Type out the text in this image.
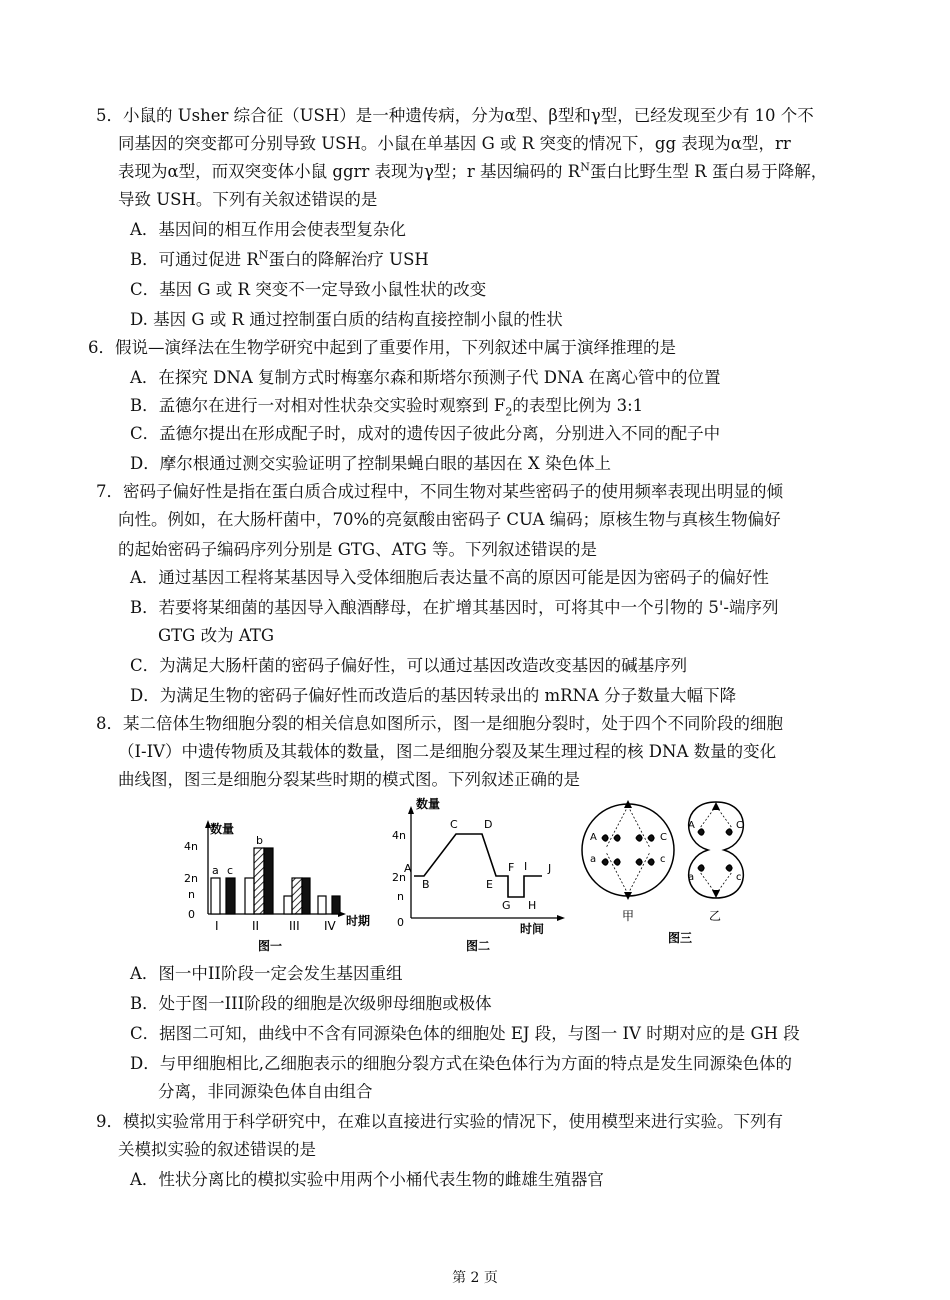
5．小鼠的 Usher 综合征（USH）是一种遗传病，分为α型、β型和γ型，已经发现至少有 10 个不
同基因的突变都可分别导致 USH。小鼠在单基因 G 或 R 突变的情况下，gg 表现为α型，rr
表现为α型，而双突变体小鼠 ggrr 表现为γ型；r 基因编码的 $R^N$蛋白比野生型 R 蛋白易于降解，
导致 USH。下列有关叙述错误的是
A．基因间的相互作用会使表型复杂化
B．可通过促进 $R^N$蛋白的降解治疗 USH
C．基因 G 或 R 突变不一定导致小鼠性状的改变
D. 基因 G 或 R 通过控制蛋白质的结构直接控制小鼠的性状
6．假说—演绎法在生物学研究中起到了重要作用，下列叙述中属于演绎推理的是
A．在探究 DNA 复制方式时梅塞尔森和斯塔尔预测子代 DNA 在离心管中的位置
B．孟德尔在进行一对相对性状杂交实验时观察到 $F_2$的表型比例为 3:1
C．孟德尔提出在形成配子时，成对的遗传因子彼此分离，分别进入不同的配子中
D．摩尔根通过测交实验证明了控制果蝇白眼的基因在 X 染色体上
7．密码子偏好性是指在蛋白质合成过程中，不同生物对某些密码子的使用频率表现出明显的倾
向性。例如，在大肠杆菌中，70%的亮氨酸由密码子 CUA 编码；原核生物与真核生物偏好
的起始密码子编码序列分别是 GTG、ATG 等。下列叙述错误的是
A．通过基因工程将某基因导入受体细胞后表达量不高的原因可能是因为密码子的偏好性
B．若要将某细菌的基因导入酿酒酵母，在扩增其基因时，可将其中一个引物的 5'-端序列
GTG 改为 ATG
C．为满足大肠杆菌的密码子偏好性，可以通过基因改造改变基因的碱基序列
D．为满足生物的密码子偏好性而改造后的基因转录出的 mRNA 分子数量大幅下降
8．某二倍体生物细胞分裂的相关信息如图所示，图一是细胞分裂时，处于四个不同阶段的细胞
（I-IV）中遗传物质及其载体的数量，图二是细胞分裂及某生理过程的核 DNA 数量的变化
曲线图，图三是细胞分裂某些时期的模式图。下列叙述正确的是
数量
时期
4n
2n
n
0
a c
b
I	II III IV
图一
数量
时间
4n
2n
n
0
A
B
C D
E
F
G H
I J
图二
A
a
C
c
甲
A	C
a	c
乙
图三
A．图一中II阶段一定会发生基因重组
B．处于图一III阶段的细胞是次级卵母细胞或极体
C．据图二可知，曲线中不含有同源染色体的细胞处 EJ 段，与图一 IV 时期对应的是 GH 段
D．与甲细胞相比,乙细胞表示的细胞分裂方式在染色体行为方面的特点是发生同源染色体的
分离，非同源染色体自由组合
9．模拟实验常用于科学研究中，在难以直接进行实验的情况下，使用模型来进行实验。下列有
关模拟实验的叙述错误的是
A．性状分离比的模拟实验中用两个小桶代表生物的雌雄生殖器官
第 2 页
